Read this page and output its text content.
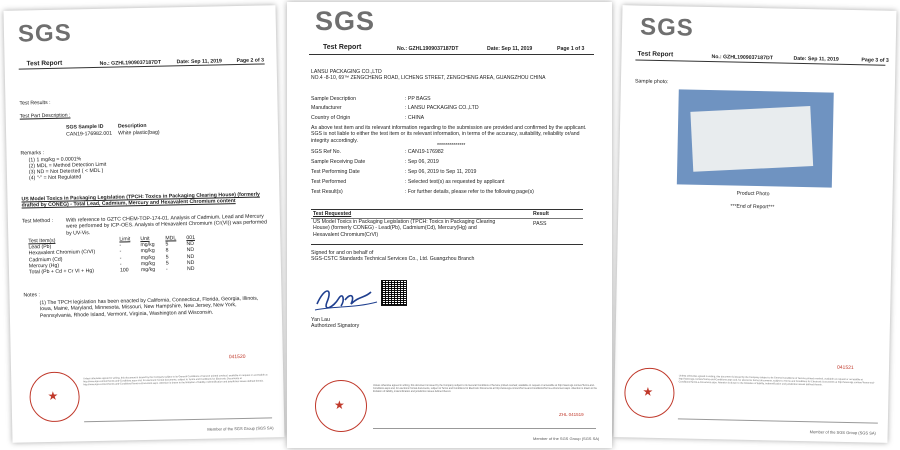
SGS
Test Report	No.: GZHL1909037187DT	Date: Sep 11, 2019	Page 2 of 3
Test Results :
Test Part Description :
SGS Sample ID	Description
CAN19-176982.001 White plastic(bag)
Remarks :
(1) 1 mg/kg = 0.0001%
(2) MDL = Method Detection Limit
(3) ND = Not Detected ( < MDL )
(4) "-" = Not Regulated
US Model Toxics in Packaging Legislation (TPCH: Toxics in Packaging Clearing House) (formerly drafted by CONEG) - Total Lead, Cadmium, Mercury and Hexavalent Chromium content
Test Method : With reference to GZTC CHEM-TOP-174-01. Analysis of Cadmium, Lead and Mercury were performed by ICP-OES. Analysis of Hexavalent Chromium (Cr(VI)) was performed by UV-Vis.
Test Item(s)	Limit	Unit	MDL	001
Lead (Pb)	-	mg/kg	5	ND
Hexavalent Chromium (CrVI)	-	mg/kg	8	ND
Cadmium (Cd)	-	mg/kg	5	ND
Mercury (Hg)	-	mg/kg	5	ND
Total (Pb + Cd + Cr VI + Hg)	100	mg/kg	-	ND
Notes :
(1) The TPCH legislation has been enacted by California, Connecticut, Florida, Georgia, Illinois, Iowa, Maine, Maryland, Minnesota, Missouri, New Hampshire, New Jersey, New York, Pennsylvania, Rhode Island, Vermont, Virginia, Washington and Wisconsin.
041520
★
Unless otherwise agreed in writing, this document is issued by the Company subject to its General Conditions of Service printed overleaf, available on request or accessible at http://www.sgs.com/en/Terms-and-Conditions.aspx and, for electronic format documents, subject to Terms and Conditions for Electronic Documents at http://www.sgs.com/en/Terms-and-Conditions/Terms-e-Document.aspx. Attention is drawn to the limitation of liability, indemnification and jurisdiction issues defined therein.
Member of the SGS Group (SGS SA)
SGS
Test Report	No.: GZHL1909037187DT	Date: Sep 11, 2019	Page 3 of 3
Sample photo:
Product Photo
***End of Report***
041521
★
Unless otherwise agreed in writing, this document is issued by the Company subject to its General Conditions of Service printed overleaf, available on request or accessible at http://www.sgs.com/en/Terms-and-Conditions.aspx and, for electronic format documents, subject to Terms and Conditions for Electronic Documents at http://www.sgs.com/en/Terms-and-Conditions/Terms-e-Document.aspx. Attention is drawn to the limitation of liability, indemnification and jurisdiction issues defined therein.
Member of the SGS Group (SGS SA)
SGS
Test Report	No.: GZHL1909037187DT	Date: Sep 11, 2019	Page 1 of 3
LANSU PACKAGING CO.,LTD
NO.4 -8-10, 69™ ZENGCHENG ROAD, LICHENG STREET, ZENGCHENG AREA, GUANGZHOU CHINA
Sample Description	: PP BAGS
Manufacturer	: LANSU PACKAGING CO.,LTD
Country of Origin	: CHINA
As above test item and its relevant information regarding to the submission are provided and confirmed by the applicant. SGS is not liable to either the test item or its relevant information, in terms of the accuracy, suitability, reliability or/and integrity accordingly.
**************
SGS Ref No.	: CAN19-176982
Sample Receiving Date	: Sep 06, 2019
Test Performing Date	: Sep 06, 2019 to Sep 11, 2019
Test Performed	: Selected test(s) as requested by applicant
Test Result(s)	: For further details, please refer to the following page(s)
Test Requested	Result
US Model Toxics in Packaging Legislation (TPCH: Toxics in Packaging Clearing House) (formerly CONEG) - Lead(Pb), Cadmium(Cd), Mercury(Hg) and Hexavalent Chromium(CrVI)
PASS
Signed for and on behalf of
SGS-CSTC Standards Technical Services Co., Ltd. Guangzhou Branch
Yan Lau
Authorized Signatory
ZHL 041519
★
Unless otherwise agreed in writing, this document is issued by the Company subject to its General Conditions of Service printed overleaf, available on request or accessible at http://www.sgs.com/en/Terms-and-Conditions.aspx and, for electronic format documents, subject to Terms and Conditions for Electronic Documents at http://www.sgs.com/en/Terms-and-Conditions/Terms-e-Document.aspx. Attention is drawn to the limitation of liability, indemnification and jurisdiction issues defined therein.
Member of the SGS Group (SGS SA)
